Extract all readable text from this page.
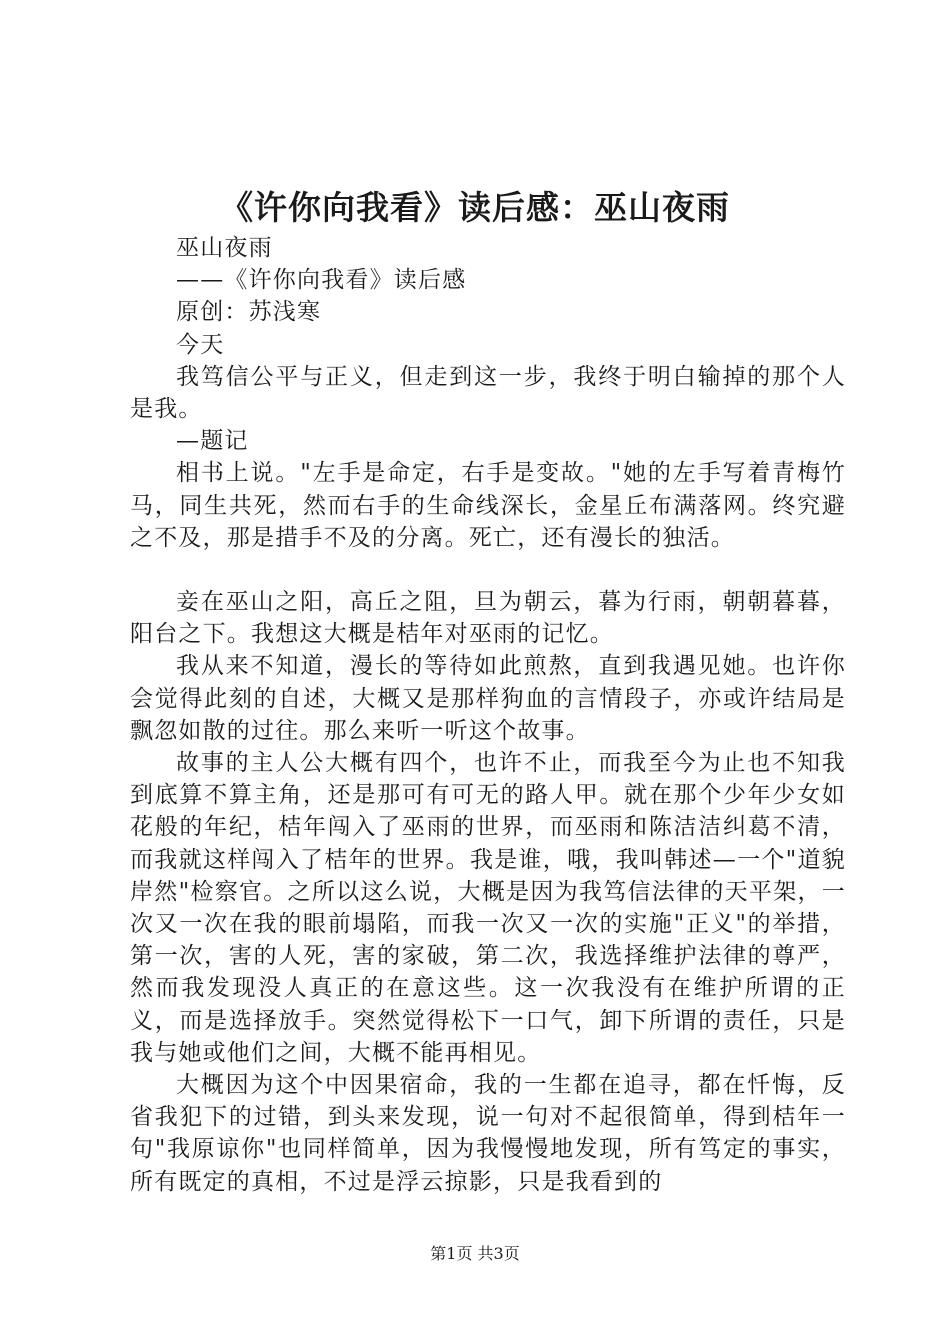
《许你向我看》读后感：巫山夜雨

巫山夜雨

——《许你向我看》读后感

原创：苏浅寒

今天

我笃信公平与正义，但走到这一步，我终于明白输掉的那个人是我。

—题记

相书上说。"左手是命定，右手是变故。"她的左手写着青梅竹马，同生共死，然而右手的生命线深长，金星丘布满落网。终究避之不及，那是措手不及的分离。死亡，还有漫长的独活。

妾在巫山之阳，高丘之阻，旦为朝云，暮为行雨，朝朝暮暮，阳台之下。我想这大概是桔年对巫雨的记忆。

我从来不知道，漫长的等待如此煎熬，直到我遇见她。也许你会觉得此刻的自述，大概又是那样狗血的言情段子，亦或许结局是飘忽如散的过往。那么来听一听这个故事。

故事的主人公大概有四个，也许不止，而我至今为止也不知我到底算不算主角，还是那可有可无的路人甲。就在那个少年少女如花般的年纪，桔年闯入了巫雨的世界，而巫雨和陈洁洁纠葛不清，而我就这样闯入了桔年的世界。我是谁，哦，我叫韩述—一个"道貌岸然"检察官。之所以这么说，大概是因为我笃信法律的天平架，一次又一次在我的眼前塌陷，而我一次又一次的实施"正义"的举措，第一次，害的人死，害的家破，第二次，我选择维护法律的尊严，然而我发现没人真正的在意这些。这一次我没有在维护所谓的正义，而是选择放手。突然觉得松下一口气，卸下所谓的责任，只是我与她或他们之间，大概不能再相见。

大概因为这个中因果宿命，我的一生都在追寻，都在忏悔，反省我犯下的过错，到头来发现，说一句对不起很简单，得到桔年一句"我原谅你"也同样简单，因为我慢慢地发现，所有笃定的事实，所有既定的真相，不过是浮云掠影，只是我看到的

第1页 共3页
